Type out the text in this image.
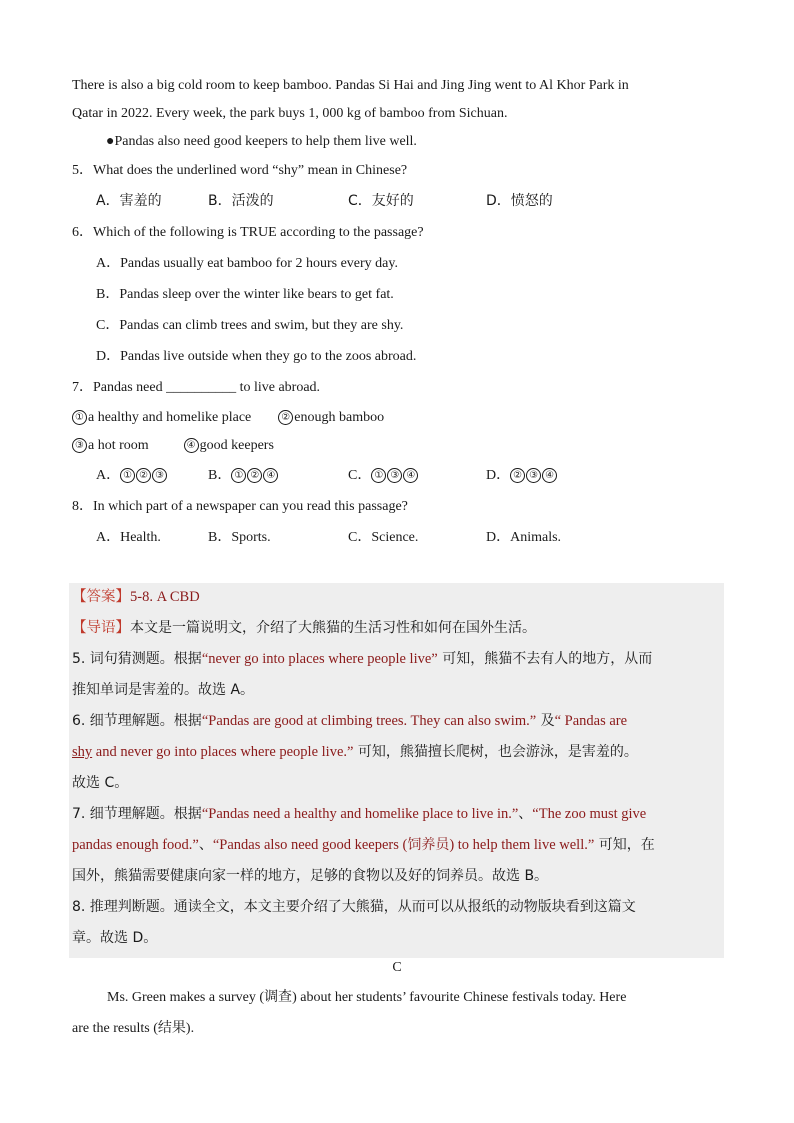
There is also a big cold room to keep bamboo. Pandas Si Hai and Jing Jing went to Al Khor Park in
Qatar in 2022. Every week, the park buys 1, 000 kg of bamboo from Sichuan.
●Pandas also need good keepers to help them live well.
5．What does the underlined word “shy” mean in Chinese?
A．害羞的	B．活泼的	C．友好的	D．愤怒的
6．Which of the following is TRUE according to the passage?
A．Pandas usually eat bamboo for 2 hours every day.
B．Pandas sleep over the winter like bears to get fat.
C．Pandas can climb trees and swim, but they are shy.
D．Pandas live outside when they go to the zoos abroad.
7．Pandas need __________ to live abroad.
① a healthy and homelike place	② enough bamboo
③ a hot room	④ good keepers
A． ① ② ③	B． ① ② ④	C． ① ③ ④	D． ② ③ ④
8．In which part of a newspaper can you read this passage?
A．Health.	B．Sports.	C．Science.	D．Animals.
【答案】5-8. A CBD
【导语】本文是一篇说明文，介绍了大熊猫的生活习性和如何在国外生活。
5. 词句猜测题。根据“never go into places where people live” 可知，熊猫不去有人的地方，从而
推知单词是害羞的。故选 A。
6. 细节理解题。根据“Pandas are good at climbing trees. They can also swim.” 及“ Pandas are
shy and never go into places where people live.” 可知，熊猫擅长爬树，也会游泳，是害羞的。
故选 C。
7. 细节理解题。根据“Pandas need a healthy and homelike place to live in.”、“The zoo must give
pandas enough food.”、“Pandas also need good keepers (饲养员) to help them live well.” 可知，在
国外，熊猫需要健康向家一样的地方，足够的食物以及好的饲养员。故选 B。
8. 推理判断题。通读全文，本文主要介绍了大熊猫，从而可以从报纸的动物版块看到这篇文
章。故选 D。
C
Ms. Green makes a survey (调查) about her students’ favourite Chinese festivals today. Here
are the results (结果).
